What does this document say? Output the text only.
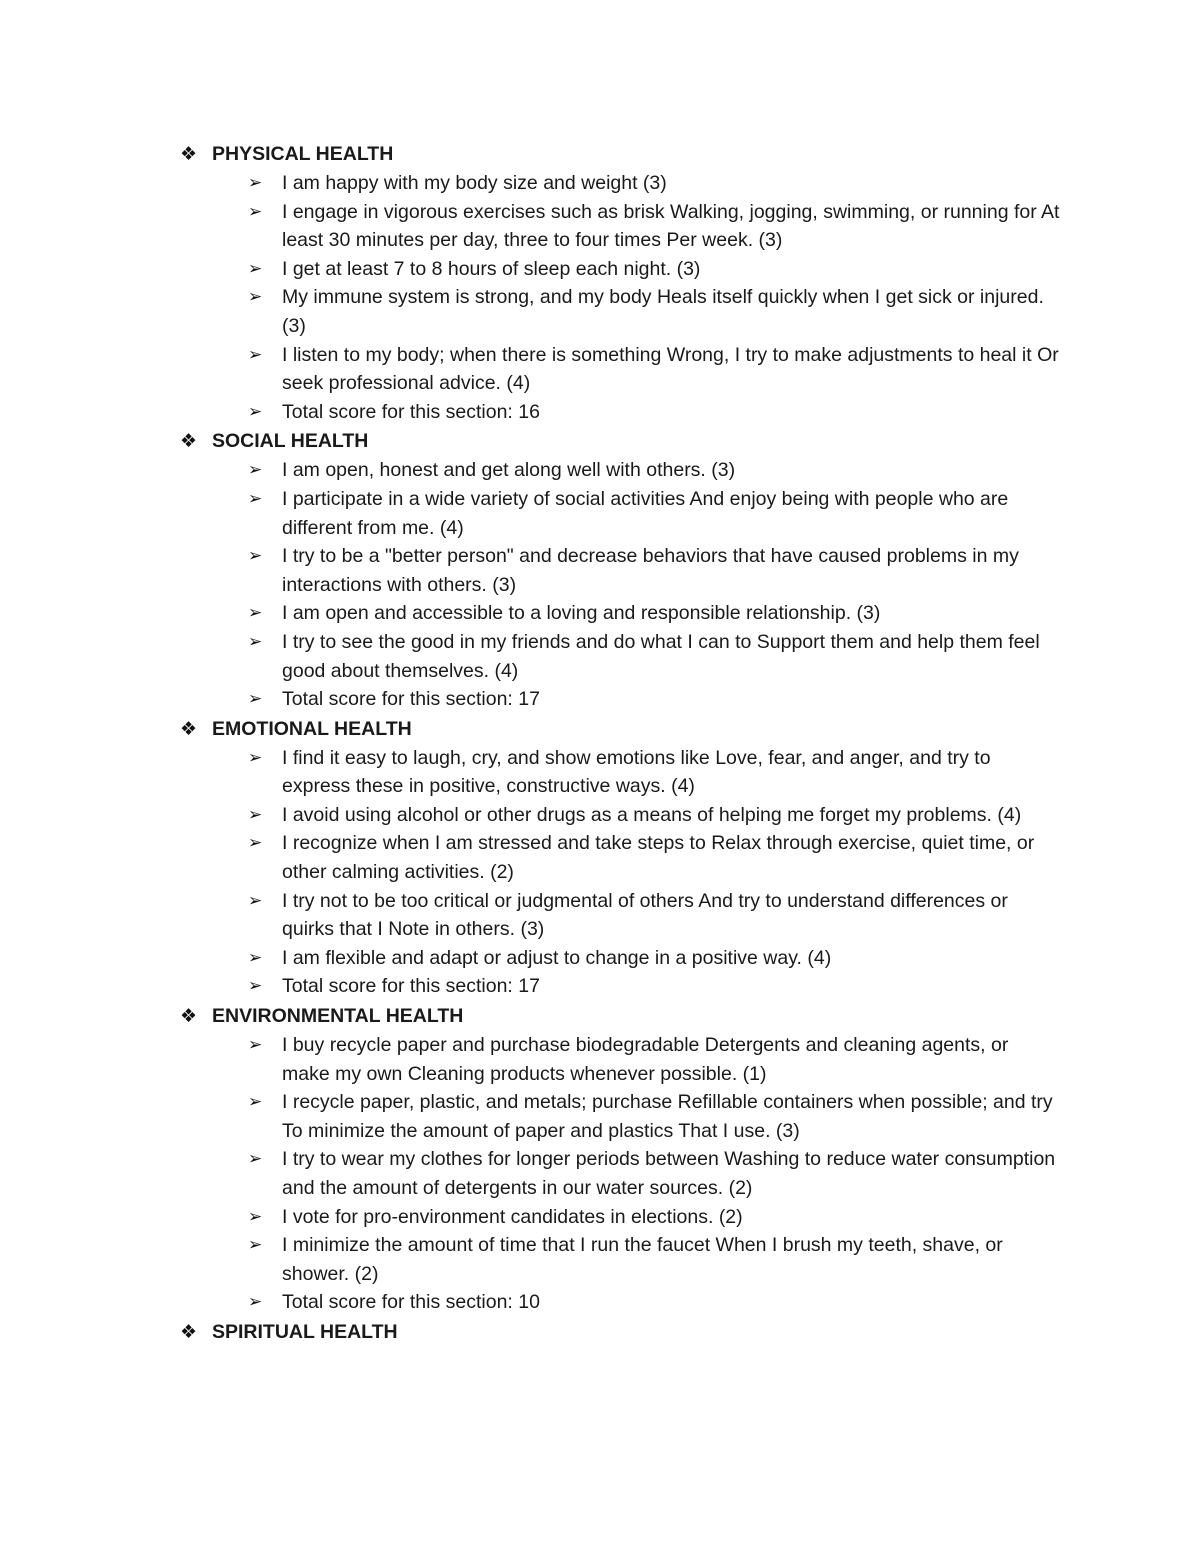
❖ PHYSICAL HEALTH
➢ I am happy with my body size and weight (3)
➢ I engage in vigorous exercises such as brisk Walking, jogging, swimming, or running for At least 30 minutes per day, three to four times Per week. (3)
➢ I get at least 7 to 8 hours of sleep each night. (3)
➢ My immune system is strong, and my body Heals itself quickly when I get sick or injured. (3)
➢ I listen to my body; when there is something Wrong, I try to make adjustments to heal it Or seek professional advice. (4)
➢ Total score for this section: 16
❖ SOCIAL HEALTH
➢ I am open, honest and get along well with others. (3)
➢ I participate in a wide variety of social activities And enjoy being with people who are different from me. (4)
➢ I try to be a "better person" and decrease behaviors that have caused problems in my interactions with others. (3)
➢ I am open and accessible to a loving and responsible relationship. (3)
➢ I try to see the good in my friends and do what I can to Support them and help them feel good about themselves. (4)
➢ Total score for this section: 17
❖ EMOTIONAL HEALTH
➢ I find it easy to laugh, cry, and show emotions like Love, fear, and anger, and try to express these in positive, constructive ways. (4)
➢ I avoid using alcohol or other drugs as a means of helping me forget my problems. (4)
➢ I recognize when I am stressed and take steps to Relax through exercise, quiet time, or other calming activities. (2)
➢ I try not to be too critical or judgmental of others And try to understand differences or quirks that I Note in others. (3)
➢ I am flexible and adapt or adjust to change in a positive way. (4)
➢ Total score for this section: 17
❖ ENVIRONMENTAL HEALTH
➢ I buy recycle paper and purchase biodegradable Detergents and cleaning agents, or make my own Cleaning products whenever possible. (1)
➢ I recycle paper, plastic, and metals; purchase Refillable containers when possible; and try To minimize the amount of paper and plastics That I use. (3)
➢ I try to wear my clothes for longer periods between Washing to reduce water consumption and the amount of detergents in our water sources. (2)
➢ I vote for pro-environment candidates in elections. (2)
➢ I minimize the amount of time that I run the faucet When I brush my teeth, shave, or shower. (2)
➢ Total score for this section: 10
❖ SPIRITUAL HEALTH
